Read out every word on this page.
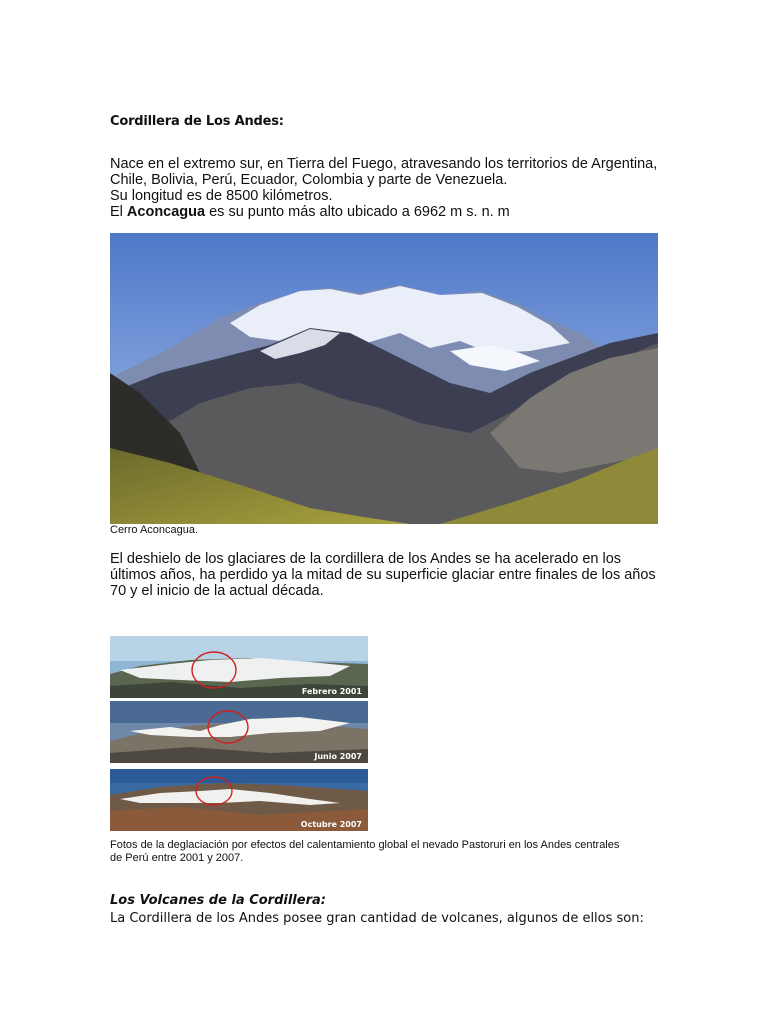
Cordillera de Los Andes:

Nace en el extremo sur, en Tierra del Fuego, atravesando los territorios de Argentina,

Chile, Bolivia, Perú, Ecuador, Colombia y parte de Venezuela.

Su longitud es de 8500 kilómetros.

El Aconcagua es su punto más alto ubicado a 6962 m s. n. m

Cerro Aconcagua.

El deshielo de los glaciares de la cordillera de los Andes se ha acelerado en los

últimos años, ha perdido ya la mitad de su superficie glaciar entre finales de los años

70 y el inicio de la actual década.

Febrero 2001
Junio 2007
Octubre 2007
Fotos de la deglaciación por efectos del calentamiento global el nevado Pastoruri en los Andes centrales
de Perú entre 2001 y 2007.
Los Volcanes de la Cordillera:
La Cordillera de los Andes posee gran cantidad de volcanes, algunos de ellos son:
